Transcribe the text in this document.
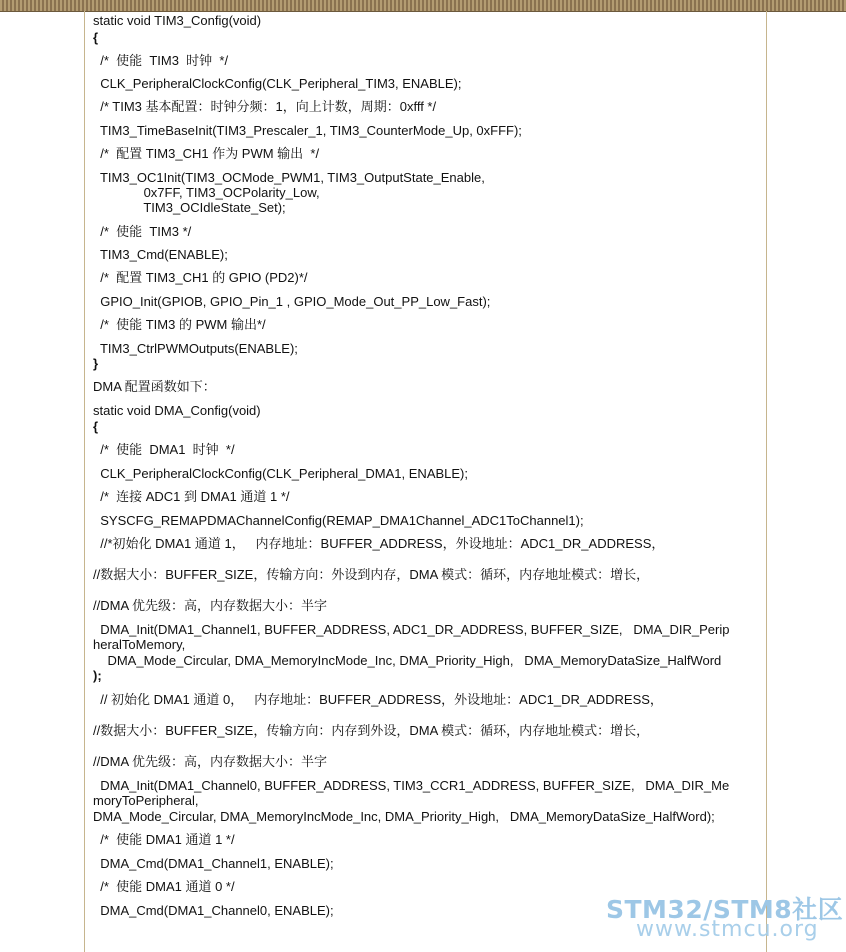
static void TIM3_Config(void)
{
/*  使能  TIM3  时钟  */
CLK_PeripheralClockConfig(CLK_Peripheral_TIM3, ENABLE);
/* TIM3 基本配置：时钟分频：1，向上计数，周期：0xfff */
TIM3_TimeBaseInit(TIM3_Prescaler_1, TIM3_CounterMode_Up, 0xFFF);
/*  配置 TIM3_CH1 作为 PWM 输出  */
TIM3_OC1Init(TIM3_OCMode_PWM1, TIM3_OutputState_Enable,
0x7FF, TIM3_OCPolarity_Low,
TIM3_OCIdleState_Set);
/*  使能  TIM3 */
TIM3_Cmd(ENABLE);
/*  配置 TIM3_CH1 的 GPIO (PD2)*/
GPIO_Init(GPIOB, GPIO_Pin_1 , GPIO_Mode_Out_PP_Low_Fast);
/*  使能 TIM3 的 PWM 输出*/
TIM3_CtrlPWMOutputs(ENABLE);
}
DMA 配置函数如下：
static void DMA_Config(void)
{
/*  使能  DMA1  时钟  */
CLK_PeripheralClockConfig(CLK_Peripheral_DMA1, ENABLE);
/*  连接 ADC1 到 DMA1 通道 1 */
SYSCFG_REMAPDMAChannelConfig(REMAP_DMA1Channel_ADC1ToChannel1);
//*初始化 DMA1 通道 1，   内存地址：BUFFER_ADDRESS，外设地址：ADC1_DR_ADDRESS，
//数据大小：BUFFER_SIZE，传输方向：外设到内存，DMA 模式：循环，内存地址模式：增长，
//DMA 优先级：高，内存数据大小：半字
DMA_Init(DMA1_Channel1, BUFFER_ADDRESS, ADC1_DR_ADDRESS, BUFFER_SIZE,   DMA_DIR_Perip
heralToMemory,
DMA_Mode_Circular, DMA_MemoryIncMode_Inc, DMA_Priority_High,   DMA_MemoryDataSize_HalfWord
);
// 初始化 DMA1 通道 0，   内存地址：BUFFER_ADDRESS，外设地址：ADC1_DR_ADDRESS，
//数据大小：BUFFER_SIZE，传输方向：内存到外设，DMA 模式：循环，内存地址模式：增长，
//DMA 优先级：高，内存数据大小：半字
DMA_Init(DMA1_Channel0, BUFFER_ADDRESS, TIM3_CCR1_ADDRESS, BUFFER_SIZE,   DMA_DIR_Me
moryToPeripheral,
DMA_Mode_Circular, DMA_MemoryIncMode_Inc, DMA_Priority_High,   DMA_MemoryDataSize_HalfWord);
/*  使能 DMA1 通道 1 */
DMA_Cmd(DMA1_Channel1, ENABLE);
/*  使能 DMA1 通道 0 */
DMA_Cmd(DMA1_Channel0, ENABLE);	STM32/STM8社区
www.stmcu.org
